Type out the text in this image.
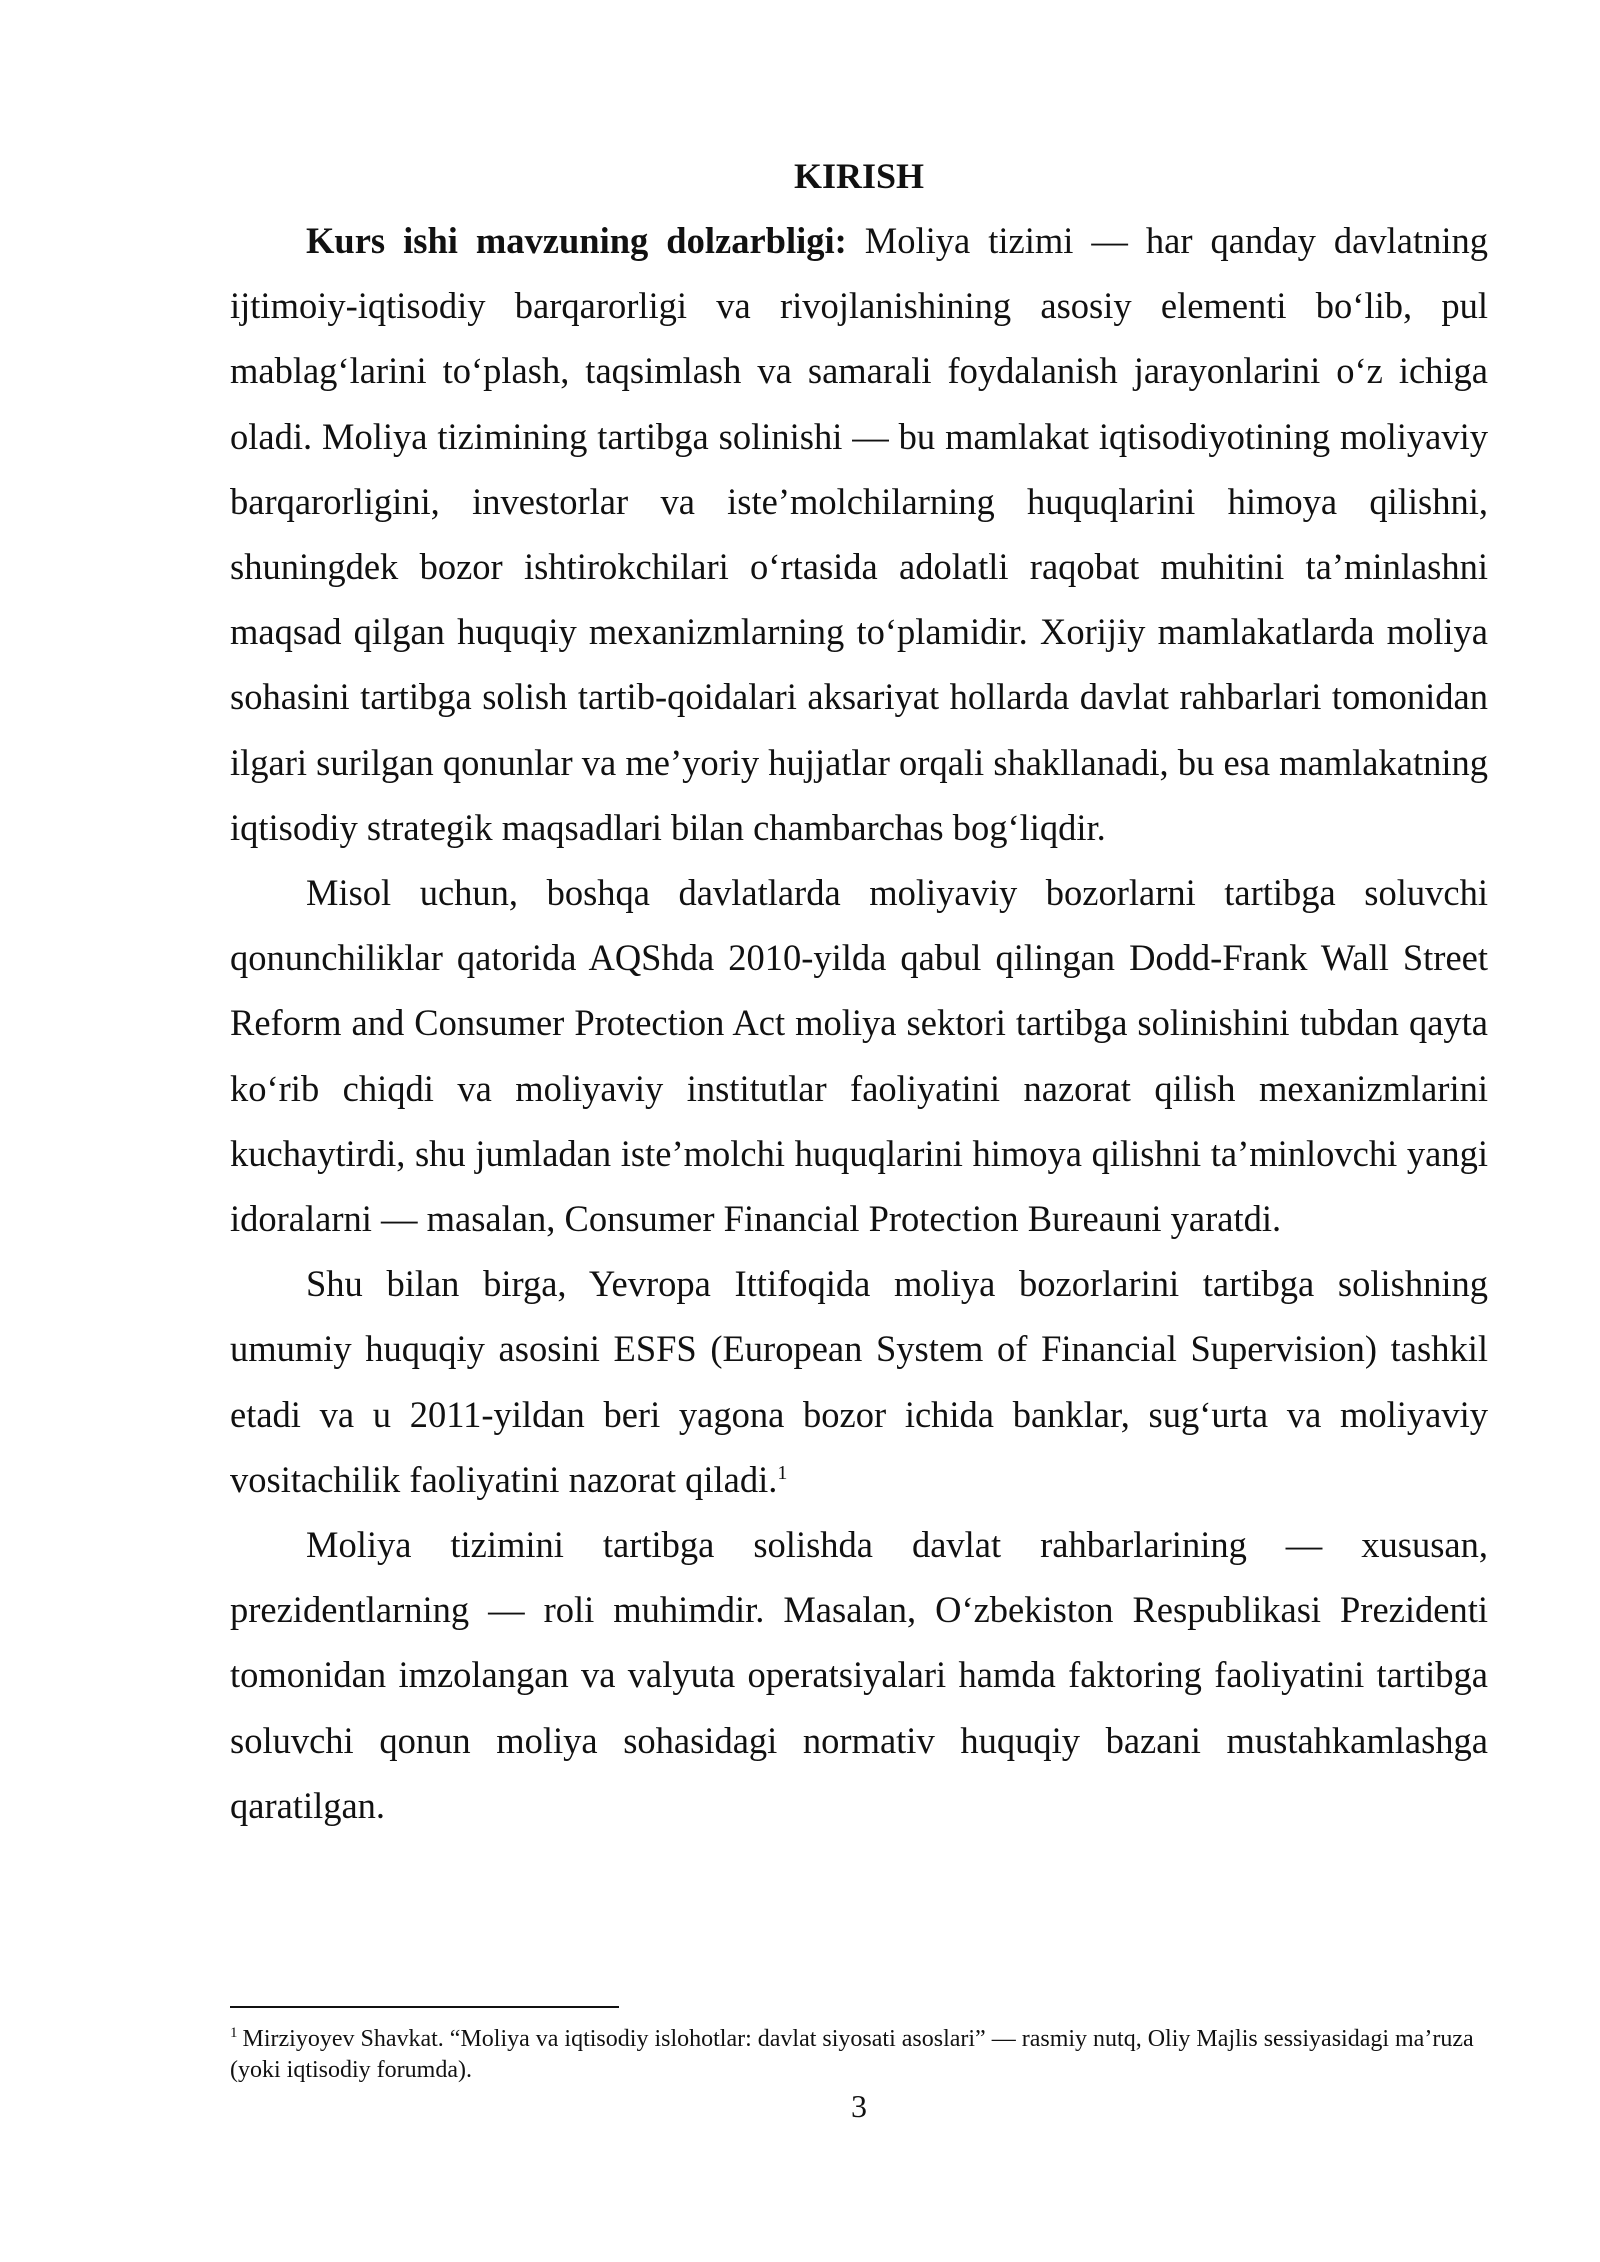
KIRISH

Kurs ishi mavzuning dolzarbligi: Moliya tizimi — har qanday davlatning ijtimoiy-iqtisodiy barqarorligi va rivojlanishining asosiy elementi boʻlib, pul mablagʻlarini toʻplash, taqsimlash va samarali foydalanish jarayonlarini oʻz ichiga oladi. Moliya tizimining tartibga solinishi — bu mamlakat iqtisodiyotining moliyaviy barqarorligini, investorlar va isteʼmolchilarning huquqlarini himoya qilishni, shuningdek bozor ishtirokchilari oʻrtasida adolatli raqobat muhitini taʼminlashni maqsad qilgan huquqiy mexanizmlarning toʻplamidir. Xorijiy mamlakatlarda moliya sohasini tartibga solish tartib-qoidalari aksariyat hollarda davlat rahbarlari tomonidan ilgari surilgan qonunlar va meʼyoriy hujjatlar orqali shakllanadi, bu esa mamlakatning iqtisodiy strategik maqsadlari bilan chambarchas bogʻliqdir.

Misol uchun, boshqa davlatlarda moliyaviy bozorlarni tartibga soluvchi qonunchiliklar qatorida AQShda 2010-yilda qabul qilingan Dodd-Frank Wall Street Reform and Consumer Protection Act moliya sektori tartibga solinishini tubdan qayta koʻrib chiqdi va moliyaviy institutlar faoliyatini nazorat qilish mexanizmlarini kuchaytirdi, shu jumladan isteʼmolchi huquqlarini himoya qilishni taʼminlovchi yangi idoralarni — masalan, Consumer Financial Protection Bureauni yaratdi.

Shu bilan birga, Yevropa Ittifoqida moliya bozorlarini tartibga solishning umumiy huquqiy asosini ESFS (European System of Financial Supervision) tashkil etadi va u 2011-yildan beri yagona bozor ichida banklar, sugʻurta va moliyaviy vositachilik faoliyatini nazorat qiladi.$^1$

Moliya tizimini tartibga solishda davlat rahbarlarining — xususan, prezidentlarning — roli muhimdir. Masalan, Oʻzbekiston Respublikasi Prezidenti tomonidan imzolangan va valyuta operatsiyalari hamda faktoring faoliyatini tartibga soluvchi qonun moliya sohasidagi normativ huquqiy bazani mustahkamlashga qaratilgan.

$^1$ Mirziyoyev Shavkat. “Moliya va iqtisodiy islohotlar: davlat siyosati asoslari” — rasmiy nutq, Oliy Majlis sessiyasidagi maʼruza (yoki iqtisodiy forumda).

3
